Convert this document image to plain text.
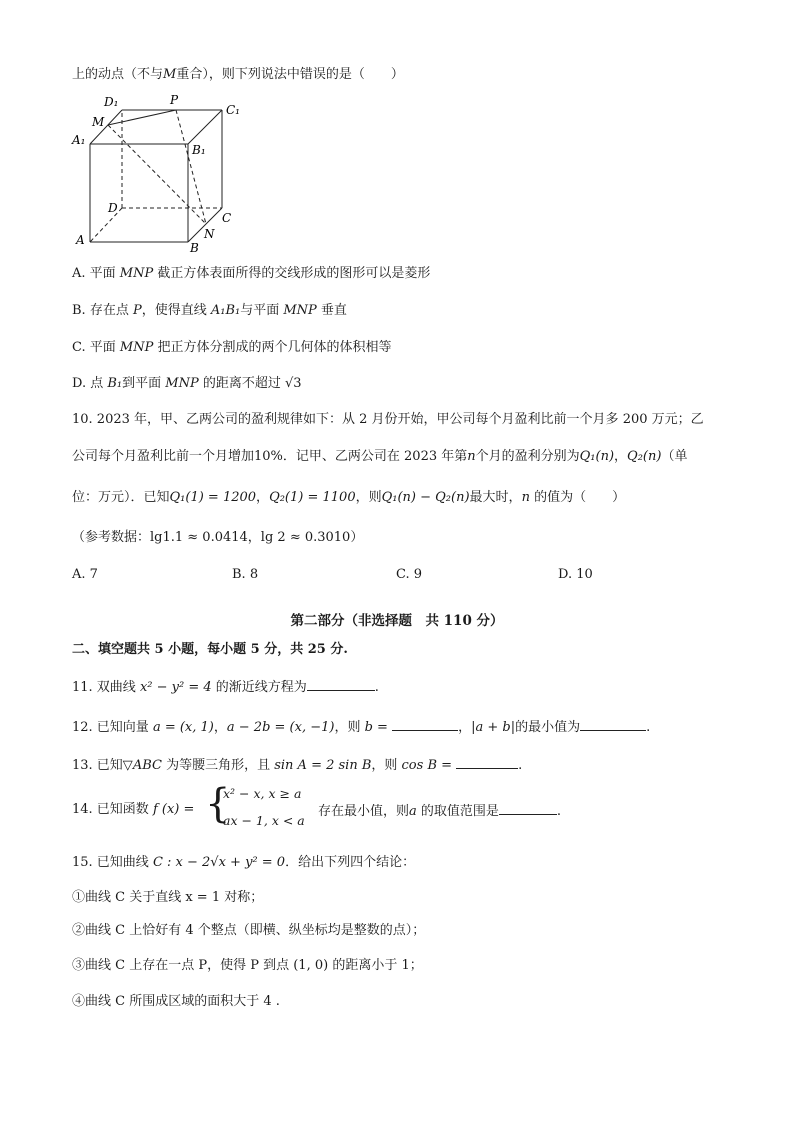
上的动点（不与M重合），则下列说法中错误的是（　　）
D₁	P
C₁
M
A₁
B₁
D
C
N
A
B
A. 平面 MNP 截正方体表面所得的交线形成的图形可以是菱形
B. 存在点 P，使得直线 A₁B₁与平面 MNP 垂直
C. 平面 MNP 把正方体分割成的两个几何体的体积相等
D. 点 B₁到平面 MNP 的距离不超过 √3
10. 2023 年，甲、乙两公司的盈利规律如下：从 2 月份开始，甲公司每个月盈利比前一个月多 200 万元；乙
公司每个月盈利比前一个月增加10%．记甲、乙两公司在 2023 年第n个月的盈利分别为Q₁(n)，Q₂(n)（单
位：万元）．已知Q₁(1) = 1200，Q₂(1) = 1100，则Q₁(n) − Q₂(n)最大时，n 的值为（　　）
（参考数据：lg1.1 ≈ 0.0414，lg 2 ≈ 0.3010）
A. 7	B. 8	C. 9	D. 10
第二部分（非选择题　共 110 分）
二、填空题共 5 小题，每小题 5 分，共 25 分.
11. 双曲线 x² − y² = 4 的渐近线方程为	.
12. 已知向量 a = (x, 1)，a − 2b = (x, −1)，则 b =	，|a + b|的最小值为	.
13. 已知▽ABC 为等腰三角形，且 sin A = 2 sin B，则 cos B =	.
14. 已知函数 f (x) = {
x² − x, x ≥ a
ax − 1, x < a
存在最小值，则a 的取值范围是	.
15. 已知曲线 C : x − 2√x + y² = 0．给出下列四个结论：
①曲线 C 关于直线 x = 1 对称；
②曲线 C 上恰好有 4 个整点（即横、纵坐标均是整数的点）；
③曲线 C 上存在一点 P，使得 P 到点 (1, 0) 的距离小于 1；
④曲线 C 所围成区域的面积大于 4 .
